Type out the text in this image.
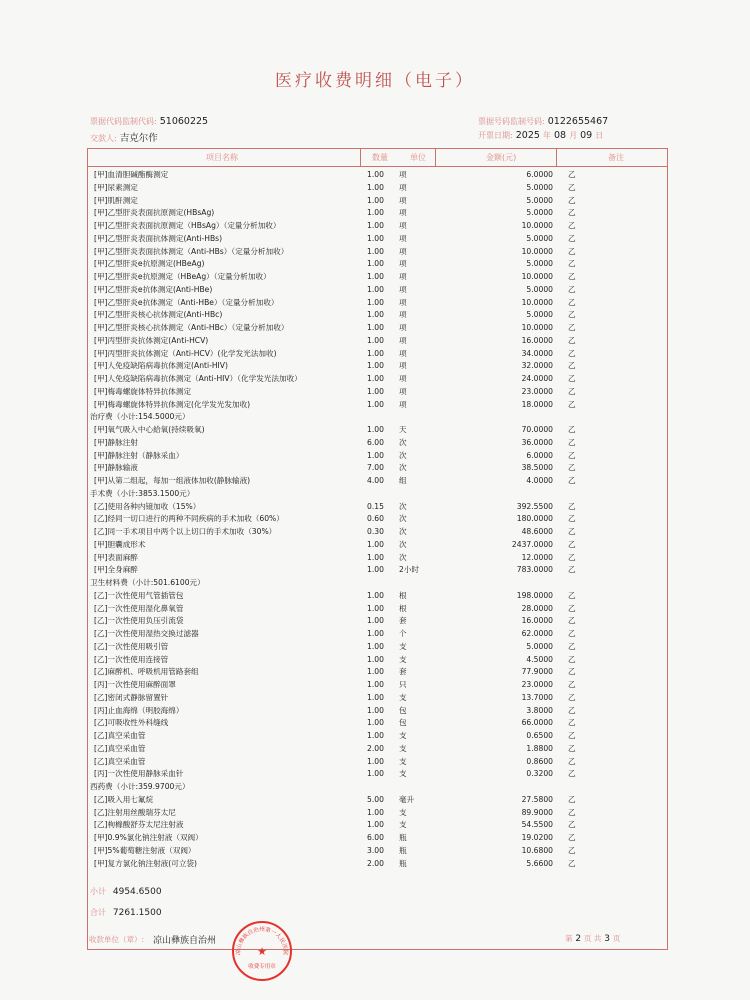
医疗收费明细（电子）
票据代码监制代码: 51060225
交款人: 吉克尔作
票据号码监制号码: 0122655467
开票日期: 2025 年 08 月 09 日
项目名称	数量	单位	金额(元)	备注
[甲]血清胆碱酯酶测定	1.00 项	6.0000 乙
[甲]尿素测定	1.00 项	5.0000 乙
[甲]肌酐测定	1.00 项	5.0000 乙
[甲]乙型肝炎表面抗原测定(HBsAg)	1.00 项	5.0000 乙
[甲]乙型肝炎表面抗原测定（HBsAg）（定量分析加收）	1.00 项	10.0000 乙
[甲]乙型肝炎表面抗体测定(Anti-HBs)	1.00 项	5.0000 乙
[甲]乙型肝炎表面抗体测定（Anti-HBs）（定量分析加收）	1.00 项	10.0000 乙
[甲]乙型肝炎e抗原测定(HBeAg)	1.00 项	5.0000 乙
[甲]乙型肝炎e抗原测定（HBeAg）（定量分析加收）	1.00 项	10.0000 乙
[甲]乙型肝炎e抗体测定(Anti-HBe)	1.00 项	5.0000 乙
[甲]乙型肝炎e抗体测定（Anti-HBe）（定量分析加收）	1.00 项	10.0000 乙
[甲]乙型肝炎核心抗体测定(Anti-HBc)	1.00 项	5.0000 乙
[甲]乙型肝炎核心抗体测定（Anti-HBc）（定量分析加收）	1.00 项	10.0000 乙
[甲]丙型肝炎抗体测定(Anti-HCV)	1.00 项	16.0000 乙
[甲]丙型肝炎抗体测定（Anti-HCV）(化学发光法加收)	1.00 项	34.0000 乙
[甲]人免疫缺陷病毒抗体测定(Anti-HIV)	1.00 项	32.0000 乙
[甲]人免疫缺陷病毒抗体测定（Anti-HIV）（化学发光法加收）	1.00 项	24.0000 乙
[甲]梅毒螺旋体特异抗体测定	1.00 项	23.0000 乙
[甲]梅毒螺旋体特异抗体测定(化学发光发加收)	1.00 项	18.0000 乙
治疗费（小计:154.5000元）
[甲]氧气吸入中心給氧(持续吸氧)	1.00 天	70.0000 乙
[甲]静脉注射	6.00 次	36.0000 乙
[甲]静脉注射（静脉采血）	1.00 次	6.0000 乙
[甲]静脉输液	7.00 次	38.5000 乙
[甲]从第二组起，每加一组液体加收(静脉输液)	4.00 组	4.0000 乙
手术费（小计:3853.1500元）
[乙]使用各种内镜加收（15%）	0.15 次	392.5500 乙
[乙]经同一切口进行的两种不同疾病的手术加收（60%）	0.60 次	180.0000 乙
[乙]同一手术项目中两个以上切口的手术加收（30%）	0.30 次	48.6000 乙
[甲]胆囊成形术	1.00 次	2437.0000 乙
[甲]表面麻醉	1.00 次	12.0000 乙
[甲]全身麻醉	1.00 2小时	783.0000 乙
卫生材料费（小计:501.6100元）
[乙]一次性使用气管插管包	1.00 根	198.0000 乙
[乙]一次性使用湿化鼻氧管	1.00 根	28.0000 乙
[乙]一次性使用负压引流袋	1.00 套	16.0000 乙
[乙]一次性使用湿热交换过滤器	1.00 个	62.0000 乙
[乙]一次性使用吸引管	1.00 支	5.0000 乙
[乙]一次性使用连接管	1.00 支	4.5000 乙
[乙]麻醉机、呼吸机用管路套组	1.00 套	77.9000 乙
[丙]一次性使用麻醉面罩	1.00 只	23.0000 乙
[乙]密闭式静脉留置针	1.00 支	13.7000 乙
[丙]止血海绵（明胶海绵）	1.00 包	3.8000 乙
[乙]可吸收性外科缝线	1.00 包	66.0000 乙
[乙]真空采血管	1.00 支	0.6500 乙
[乙]真空采血管	2.00 支	1.8800 乙
[乙]真空采血管	1.00 支	0.8600 乙
[丙]一次性使用静脉采血针	1.00 支	0.3200 乙
西药费（小计:359.9700元）
[乙]吸入用七氟烷	5.00 毫升	27.5800 乙
[乙]注射用丝酸瑞芬太尼	1.00 支	89.9000 乙
[乙]枸橼酸舒芬太尼注射液	1.00 支	54.5500 乙
[甲]0.9%氯化钠注射液（双阀）	6.00 瓶	19.0200 乙
[甲]5%葡萄糖注射液（双阀）	3.00 瓶	10.6800 乙
[甲]复方氯化钠注射液(可立袋)	2.00 瓶	5.6600 乙
小计 4954.6500
合计 7261.1500
收款单位（章）: 凉山彝族自治州	第 2 页 共 3 页
凉山彝族自治州第一人民医院
★
收费专用章
